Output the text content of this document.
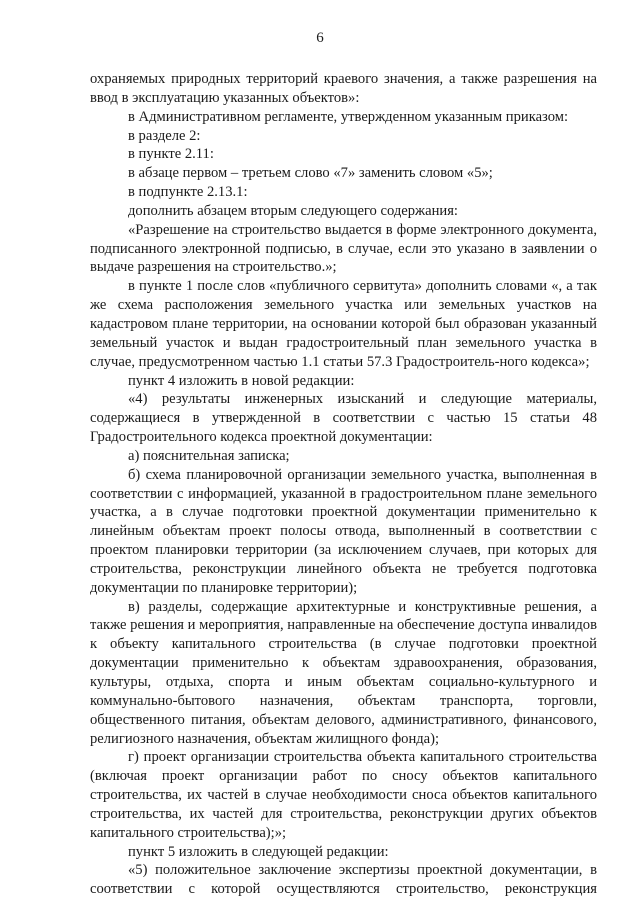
6

охраняемых природных территорий краевого значения, а также разрешения на ввод в эксплуатацию указанных объектов»:

в Административном регламенте, утвержденном указанным приказом:

в разделе 2:

в пункте 2.11:

в абзаце первом – третьем слово «7» заменить словом «5»;

в подпункте 2.13.1:

дополнить абзацем вторым следующего содержания:

«Разрешение на строительство выдается в форме электронного документа, подписанного электронной подписью, в случае, если это указано в заявлении о выдаче разрешения на строительство.»;

в пункте 1 после слов «публичного сервитута» дополнить словами «, а так же схема расположения земельного участка или земельных участков на кадастровом плане территории, на основании которой был образован указанный земельный участок и выдан градостроительный план земельного участка в случае, предусмотренном частью 1.1 статьи 57.3 Градостроитель-ного кодекса»;

пункт 4 изложить в новой редакции:

«4) результаты инженерных изысканий и следующие материалы, содержащиеся в утвержденной в соответствии с частью 15 статьи 48 Градостроительного кодекса проектной документации:

а) пояснительная записка;

б) схема планировочной организации земельного участка, выполненная в соответствии с информацией, указанной в градостроительном плане земельного участка, а в случае подготовки проектной документации применительно к линейным объектам проект полосы отвода, выполненный в соответствии с проектом планировки территории (за исключением случаев, при которых для строительства, реконструкции линейного объекта не требуется подготовка документации по планировке территории);

в) разделы, содержащие архитектурные и конструктивные решения, а также решения и мероприятия, направленные на обеспечение доступа инвалидов к объекту капитального строительства (в случае подготовки проектной документации применительно к объектам здравоохранения, образования, культуры, отдыха, спорта и иным объектам социально-культурного и коммунально-бытового назначения, объектам транспорта, торговли, общественного питания, объектам делового, административного, финансового, религиозного назначения, объектам жилищного фонда);

г) проект организации строительства объекта капитального строительства (включая проект организации работ по сносу объектов капитального строительства, их частей в случае необходимости сноса объектов капитального строительства, их частей для строительства, реконструкции других объектов капитального строительства);»;

пункт 5 изложить в следующей редакции:

«5) положительное заключение экспертизы проектной документации, в соответствии с которой осуществляются строительство, реконструкция
